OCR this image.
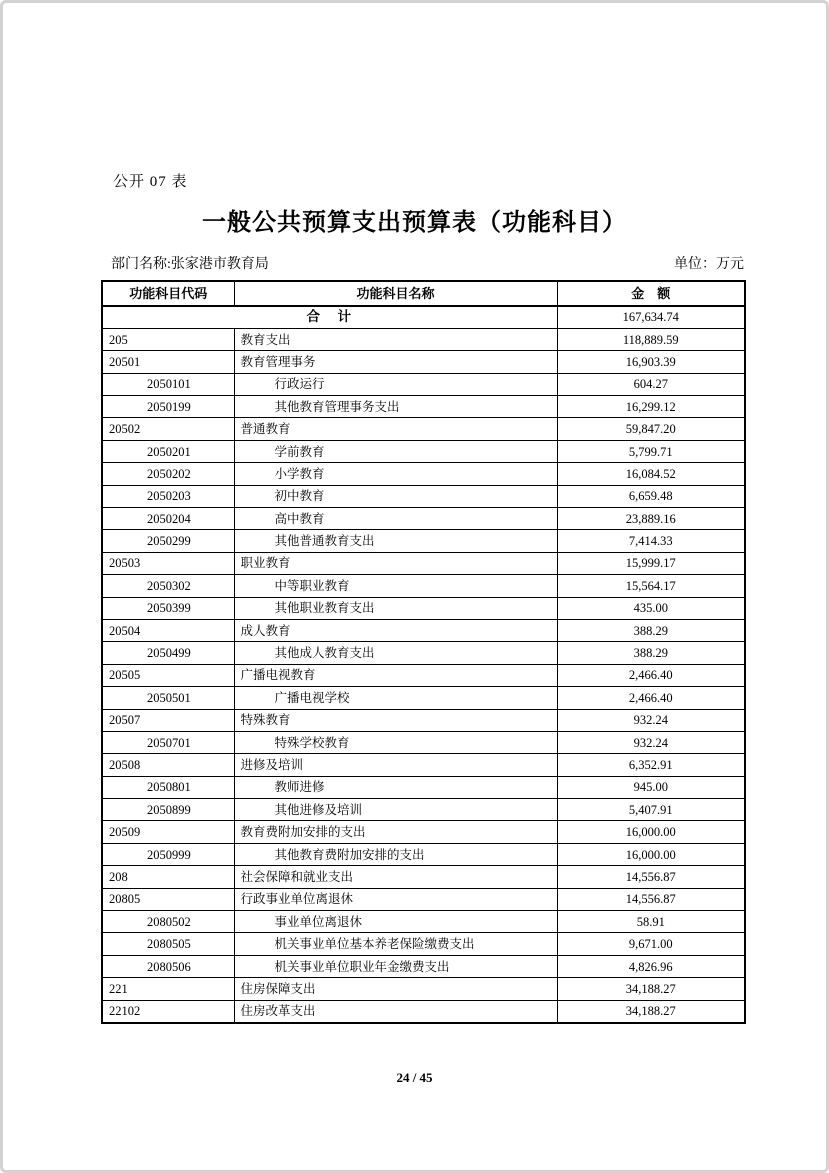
公开 07 表
一般公共预算支出预算表（功能科目）
部门名称:张家港市教育局	单位：万元
功能科目代码	功能科目名称	金　额
合　计		167,634.74
205	教育支出	118,889.59
20501	教育管理事务	16,903.39
2050101	行政运行	604.27
2050199	其他教育管理事务支出	16,299.12
20502	普通教育	59,847.20
2050201	学前教育	5,799.71
2050202	小学教育	16,084.52
2050203	初中教育	6,659.48
2050204	高中教育	23,889.16
2050299	其他普通教育支出	7,414.33
20503	职业教育	15,999.17
2050302	中等职业教育	15,564.17
2050399	其他职业教育支出	435.00
20504	成人教育	388.29
2050499	其他成人教育支出	388.29
20505	广播电视教育	2,466.40
2050501	广播电视学校	2,466.40
20507	特殊教育	932.24
2050701	特殊学校教育	932.24
20508	进修及培训	6,352.91
2050801	教师进修	945.00
2050899	其他进修及培训	5,407.91
20509	教育费附加安排的支出	16,000.00
2050999	其他教育费附加安排的支出	16,000.00
208	社会保障和就业支出	14,556.87
20805	行政事业单位离退休	14,556.87
2080502	事业单位离退休	58.91
2080505	机关事业单位基本养老保险缴费支出	9,671.00
2080506	机关事业单位职业年金缴费支出	4,826.96
221	住房保障支出	34,188.27
22102	住房改革支出	34,188.27
24 / 45
